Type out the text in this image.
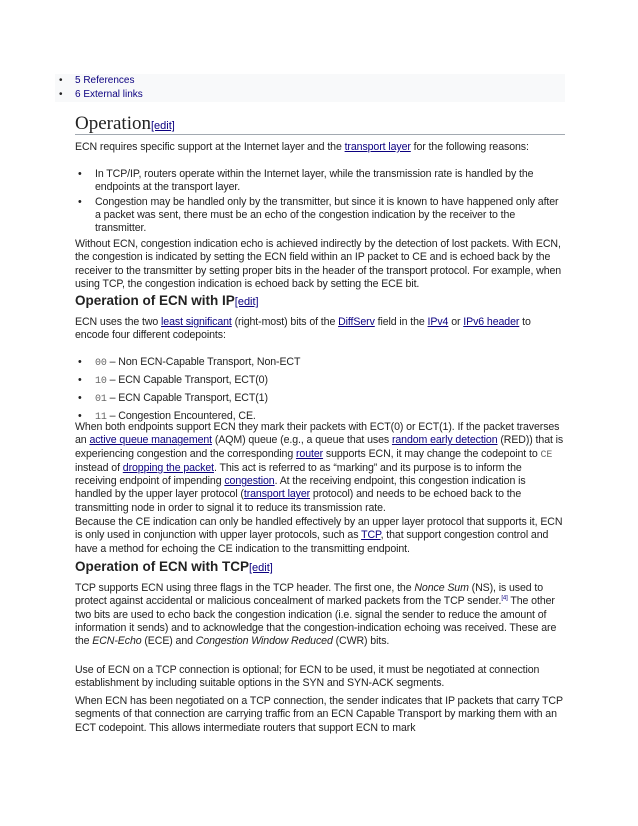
• 5 References
• 6 External links
Operation[edit]
ECN requires specific support at the Internet layer and the transport layer for the following reasons:
• In TCP/IP, routers operate within the Internet layer, while the transmission rate is handled by the endpoints at the transport layer.
• Congestion may be handled only by the transmitter, but since it is known to have happened only after a packet was sent, there must be an echo of the congestion indication by the receiver to the transmitter.
Without ECN, congestion indication echo is achieved indirectly by the detection of lost packets. With ECN, the congestion is indicated by setting the ECN field within an IP packet to CE and is echoed back by the receiver to the transmitter by setting proper bits in the header of the transport protocol. For example, when using TCP, the congestion indication is echoed back by setting the ECE bit.
Operation of ECN with IP[edit]
ECN uses the two least significant (right-most) bits of the DiffServ field in the IPv4 or IPv6 header to encode four different codepoints:
• 00 – Non ECN-Capable Transport, Non-ECT
• 10 – ECN Capable Transport, ECT(0)
• 01 – ECN Capable Transport, ECT(1)
• 11 – Congestion Encountered, CE.
When both endpoints support ECN they mark their packets with ECT(0) or ECT(1). If the packet traverses an active queue management (AQM) queue (e.g., a queue that uses random early detection (RED)) that is experiencing congestion and the corresponding router supports ECN, it may change the codepoint to CE instead of dropping the packet. This act is referred to as “marking” and its purpose is to inform the receiving endpoint of impending congestion. At the receiving endpoint, this congestion indication is handled by the upper layer protocol (transport layer protocol) and needs to be echoed back to the transmitting node in order to signal it to reduce its transmission rate.
Because the CE indication can only be handled effectively by an upper layer protocol that supports it, ECN is only used in conjunction with upper layer protocols, such as TCP, that support congestion control and have a method for echoing the CE indication to the transmitting endpoint.
Operation of ECN with TCP[edit]
TCP supports ECN using three flags in the TCP header. The first one, the Nonce Sum (NS), is used to protect against accidental or malicious concealment of marked packets from the TCP sender.[4] The other two bits are used to echo back the congestion indication (i.e. signal the sender to reduce the amount of information it sends) and to acknowledge that the congestion-indication echoing was received. These are the ECN-Echo (ECE) and Congestion Window Reduced (CWR) bits.
Use of ECN on a TCP connection is optional; for ECN to be used, it must be negotiated at connection establishment by including suitable options in the SYN and SYN-ACK segments.
When ECN has been negotiated on a TCP connection, the sender indicates that IP packets that carry TCP segments of that connection are carrying traffic from an ECN Capable Transport by marking them with an ECT codepoint. This allows intermediate routers that support ECN to mark
